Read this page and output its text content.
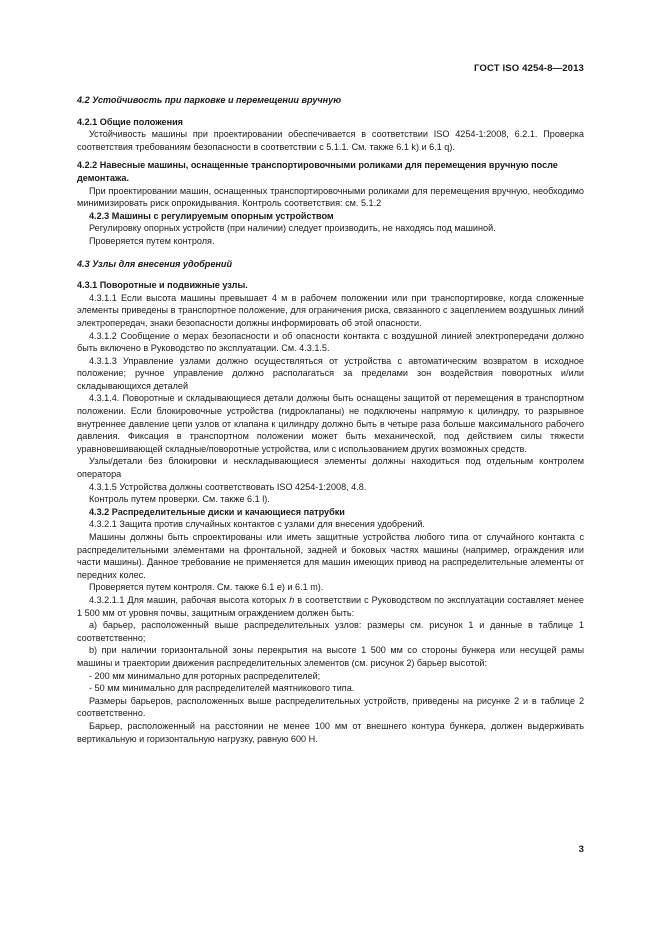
ГОСТ ISO 4254-8—2013

4.2 Устойчивость при парковке и перемещении вручную

4.2.1 Общие положения

Устойчивость машины при проектировании обеспечивается в соответствии ISO 4254-1:2008, 6.2.1. Проверка соответствия требованиям безопасности в соответствии с 5.1.1. См. также 6.1 k) и 6.1 q).

4.2.2 Навесные машины, оснащенные транспортировочными роликами для перемещения вручную после демонтажа.

При проектировании машин, оснащенных транспортировочными роликами для перемещения вручную, необходимо минимизировать риск опрокидывания. Контроль соответствия: см. 5.1.2

4.2.3 Машины с регулируемым опорным устройством

Регулировку опорных устройств (при наличии) следует производить, не находясь под машиной.

Проверяется путем контроля.

4.3 Узлы для внесения удобрений

4.3.1 Поворотные и подвижные узлы.

4.3.1.1 Если высота машины превышает 4 м в рабочем положении или при транспортировке, когда сложенные элементы приведены в транспортное положение, для ограничения риска, связанного с зацеплением воздушных линий электропередач, знаки безопасности должны информировать об этой опасности.

4.3.1.2 Сообщение о мерах безопасности и об опасности контакта с воздушной линией электропередачи должно быть включено в Руководство по эксплуатации. См. 4.3.1.5.

4.3.1.3 Управление узлами должно осуществляться от устройства с автоматическим возвратом в исходное положение; ручное управление должно располагаться за пределами зон воздействия поворотных и/или складывающихся деталей

4.3.1.4. Поворотные и складывающиеся детали должны быть оснащены защитой от перемещения в транспортном положении. Если блокировочные устройства (гидроклапаны) не подключены напрямую к цилиндру, то разрывное внутреннее давление цепи узлов от клапана к цилиндру должно быть в четыре раза больше максимального рабочего давления. Фиксация в транспортном положении может быть механической, под действием силы тяжести уравновешивающей складные/поворотные устройства, или с использованием других возможных средств.

Узлы/детали без блокировки и нескладывающиеся элементы должны находиться под отдельным контролем оператора

4.3.1.5 Устройства должны соответствовать ISO 4254-1:2008, 4.8.

Контроль путем проверки. См. также 6.1 l).

4.3.2 Распределительные диски и качающиеся патрубки

4.3.2.1 Защита против случайных контактов с узлами для внесения удобрений.

Машины должны быть спроектированы или иметь защитные устройства любого типа от случайного контакта с распределительными элементами на фронтальной, задней и боковых частях машины (например, ограждения или части машины). Данное требование не применяется для машин имеющих привод на распределительные элементы от передних колес.

Проверяется путем контроля. См. также 6.1 e) и 6.1 m).

4.3.2.1.1 Для машин, рабочая высота которых h в соответствии с Руководством по эксплуатации составляет менее 1 500 мм от уровня почвы, защитным ограждением должен быть:

а) барьер, расположенный выше распределительных узлов: размеры см. рисунок 1 и данные в таблице 1 соответственно;

b) при наличии горизонтальной зоны перекрытия на высоте 1 500 мм со стороны бункера или несущей рамы машины и траектории движения распределительных элементов (см. рисунок 2) барьер высотой:

- 200 мм минимально для роторных распределителей;

- 50 мм минимально для распределителей маятникового типа.

Размеры барьеров, расположенных выше распределительных устройств, приведены на рисунке 2 и в таблице 2 соответственно.

Барьер, расположенный на расстоянии не менее 100 мм от внешнего контура бункера, должен выдерживать вертикальную и горизонтальную нагрузку, равную 600 Н.

3
